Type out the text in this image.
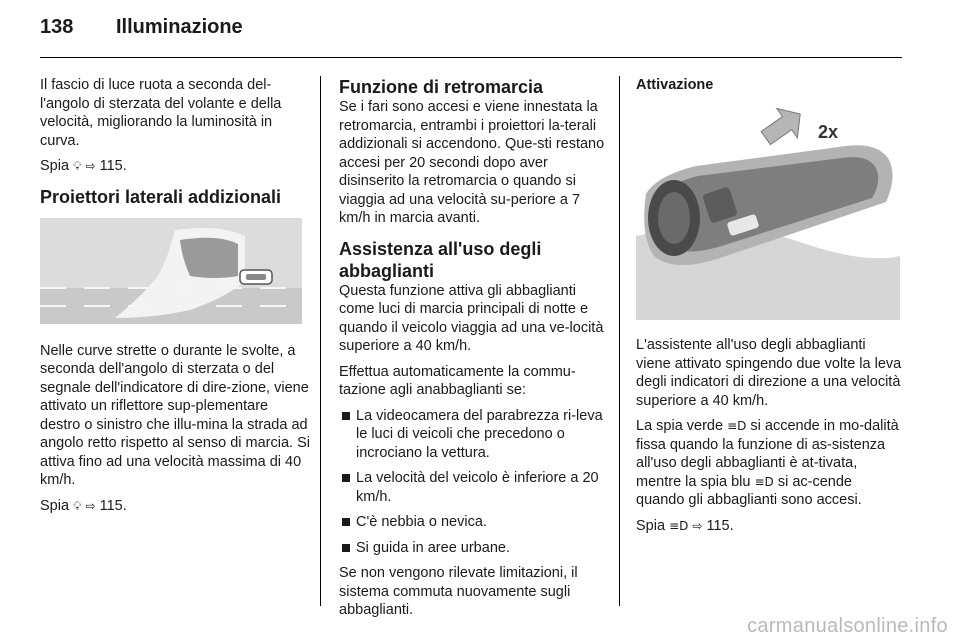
138	Illuminazione

Il fascio di luce ruota a seconda del-l'angolo di sterzata del volante e della velocità, migliorando la luminosità in curva.

Spia 💡︎ ⇨ 115.

Proiettori laterali addizionali

Nelle curve strette o durante le svolte, a seconda dell'angolo di sterzata o del segnale dell'indicatore di dire-zione, viene attivato un riflettore sup-plementare destro o sinistro che illu-mina la strada ad angolo retto rispetto al senso di marcia. Si attiva fino ad una velocità massima di 40 km/h.

Spia 💡︎ ⇨ 115.

Funzione di retromarcia

Se i fari sono accesi e viene innestata la retromarcia, entrambi i proiettori la-terali addizionali si accendono. Que-sti restano accesi per 20 secondi dopo aver disinserito la retromarcia o quando si viaggia ad una velocità su-periore a 7 km/h in marcia avanti.

Assistenza all'uso degli abbaglianti

Questa funzione attiva gli abbaglianti come luci di marcia principali di notte e quando il veicolo viaggia ad una ve-locità superiore a 40 km/h.

Effettua automaticamente la commu-tazione agli anabbaglianti se:

La videocamera del parabrezza ri-leva le luci di veicoli che precedono o incrociano la vettura.
La velocità del veicolo è inferiore a 20 km/h.
C'è nebbia o nevica.
Si guida in aree urbane.

Se non vengono rilevate limitazioni, il sistema commuta nuovamente sugli abbaglianti.

Attivazione
2x

L'assistente all'uso degli abbaglianti viene attivato spingendo due volte la leva degli indicatori di direzione a una velocità superiore a 40 km/h.

La spia verde ≡D si accende in mo-dalità fissa quando la funzione di as-sistenza all'uso degli abbaglianti è at-tivata, mentre la spia blu ≡D si ac-cende quando gli abbaglianti sono accesi.

Spia ≡D ⇨ 115.

carmanualsonline.info
